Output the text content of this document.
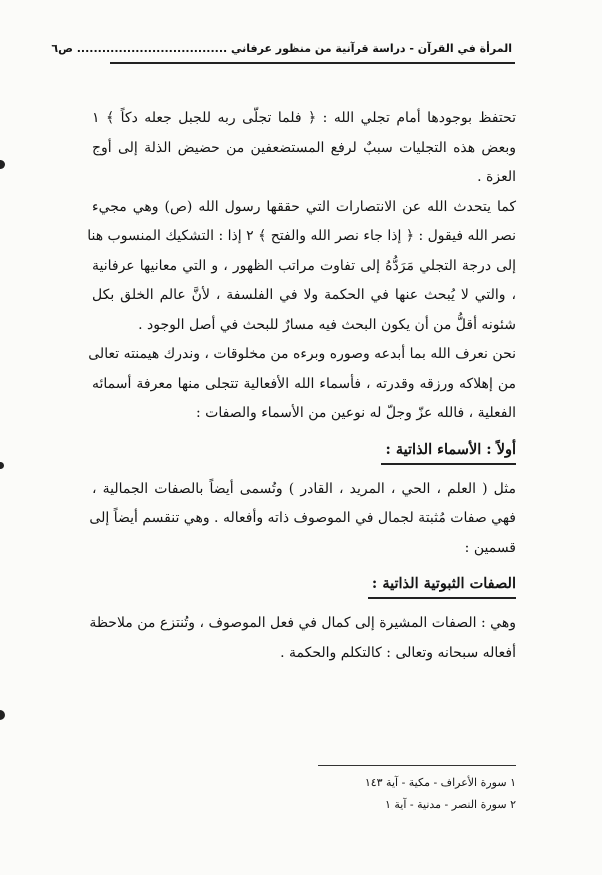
المرأة في القرآن - دراسة قرآنية من منظور عرفاني .................................... ص٦
تحتفظ بوجودها أمام تجلي الله : ﴿ فلما تجلّى ربه للجبل جعله دكاً ﴾ ١
وبعض هذه التجليات سببٌ لرفع المستضعفين من حضيض الذلة إلى أوج
العزة .
كما يتحدث الله عن الانتصارات التي حققها رسول الله (ص) وهي مجيء
نصر الله فيقول : ﴿ إذا جاء نصر الله والفتح ﴾ ٢ إذا : التشكيك المنسوب هنا
إلى درجة التجلي مَرَدُّهُ إلى تفاوت مراتب الظهور ، و التي معانيها عرفانية
، والتي لا يُبحث عنها في الحكمة ولا في الفلسفة ، لأنَّ عالم الخلق بكل
شئونه أقلُّ من أن يكون البحث فيه مسارٌ للبحث في أصل الوجود .
نحن نعرف الله بما أبدعه وصوره وبرءه من مخلوقات ، وندرك هيمنته تعالى
من إهلاكه ورزقه وقدرته ، فأسماء الله الأفعالية تتجلى منها معرفة أسمائه
الفعلية ، فالله عزّ وجلّ له نوعين من الأسماء والصفات :
أولاً : الأسماء الذاتية :
مثل ( العلم ، الحي ، المريد ، القادر ) وتُسمى أيضاً بالصفات الجمالية ،
فهي صفات مُثبتة لجمال في الموصوف ذاته وأفعاله . وهي تنقسم أيضاً إلى
قسمين :
الصفات الثبوتية الذاتية :
وهي : الصفات المشيرة إلى كمال في فعل الموصوف ، وتُنتزع من ملاحظة
أفعاله سبحانه وتعالى : كالتكلم والحكمة .
١ سورة الأعراف - مكية - آية ١٤٣
٢ سورة النصر - مدنية - آية ١
